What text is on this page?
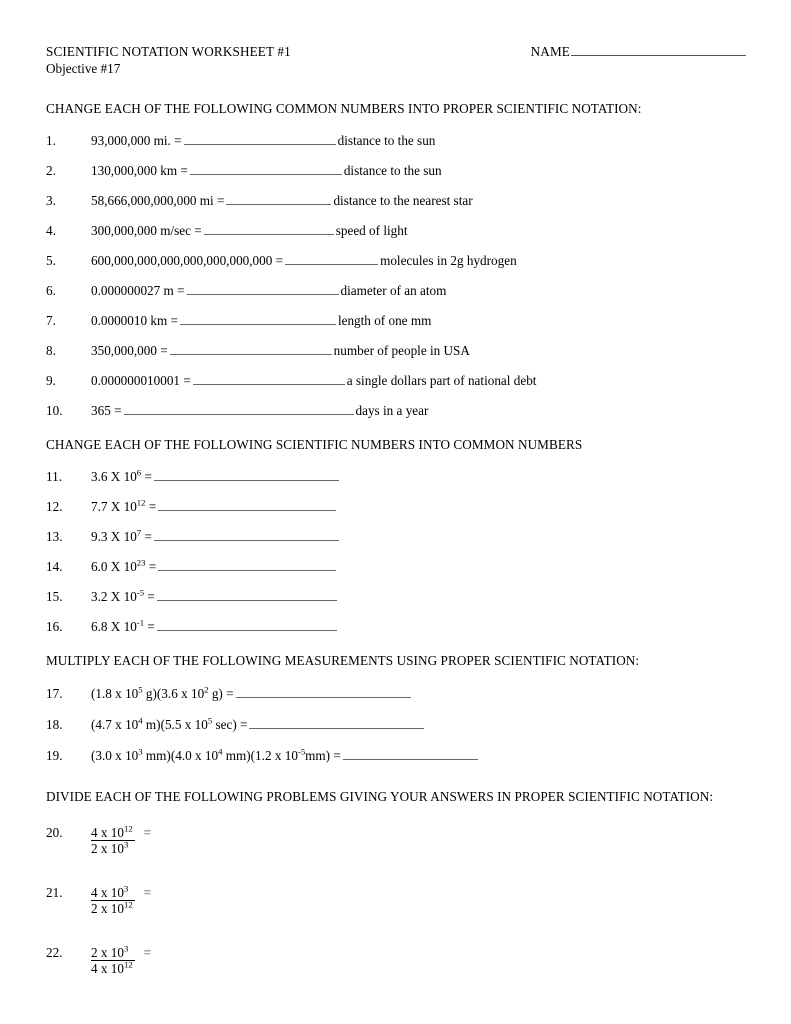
SCIENTIFIC NOTATION WORKSHEET #1	NAME
Objective #17
CHANGE EACH OF THE FOLLOWING COMMON NUMBERS INTO PROPER SCIENTIFIC NOTATION:
1.	93,000,000 mi. =	distance to the sun
2.	130,000,000 km =	distance to the sun
3.	58,666,000,000,000 mi =	distance to the nearest star
4.	300,000,000 m/sec =	speed of light
5.	600,000,000,000,000,000,000,000 =	molecules in 2g hydrogen
6.	0.000000027 m =	diameter of an atom
7.	0.0000010 km =	length of one mm
8.	350,000,000 =	number of people in USA
9.	0.000000010001 =	a single dollars part of national debt
10.	365 =	days in a year
CHANGE EACH OF THE FOLLOWING SCIENTIFIC NUMBERS INTO COMMON NUMBERS
11.	3.6 X $10^6$ =
12.	7.7 X $10^{12}$ =
13.	9.3 X $10^7$ =
14.	6.0 X $10^{23}$ =
15.	3.2 X $10^{-5}$ =
16.	6.8 X $10^{-1}$ =
MULTIPLY EACH OF THE FOLLOWING MEASUREMENTS USING PROPER SCIENTIFIC NOTATION:
17.	(1.8 x $10^5$ g)(3.6 x $10^2$ g) =
18.	(4.7 x $10^4$ m)(5.5 x $10^5$ sec) =
19.	(3.0 x $10^3$ mm)(4.0 x $10^4$ mm)(1.2 x $10^{-5}mm$) =
DIVIDE EACH OF THE FOLLOWING PROBLEMS GIVING YOUR ANSWERS IN PROPER SCIENTIFIC NOTATION:
20.	$\frac{4 x 10^{12}}{2 x 10^3}$ =
21.	$\frac{4 x 10^3}{2 x 10^{12}}$ =
22.	$\frac{2 x 10^3}{4 x 10^{12}}$ =
